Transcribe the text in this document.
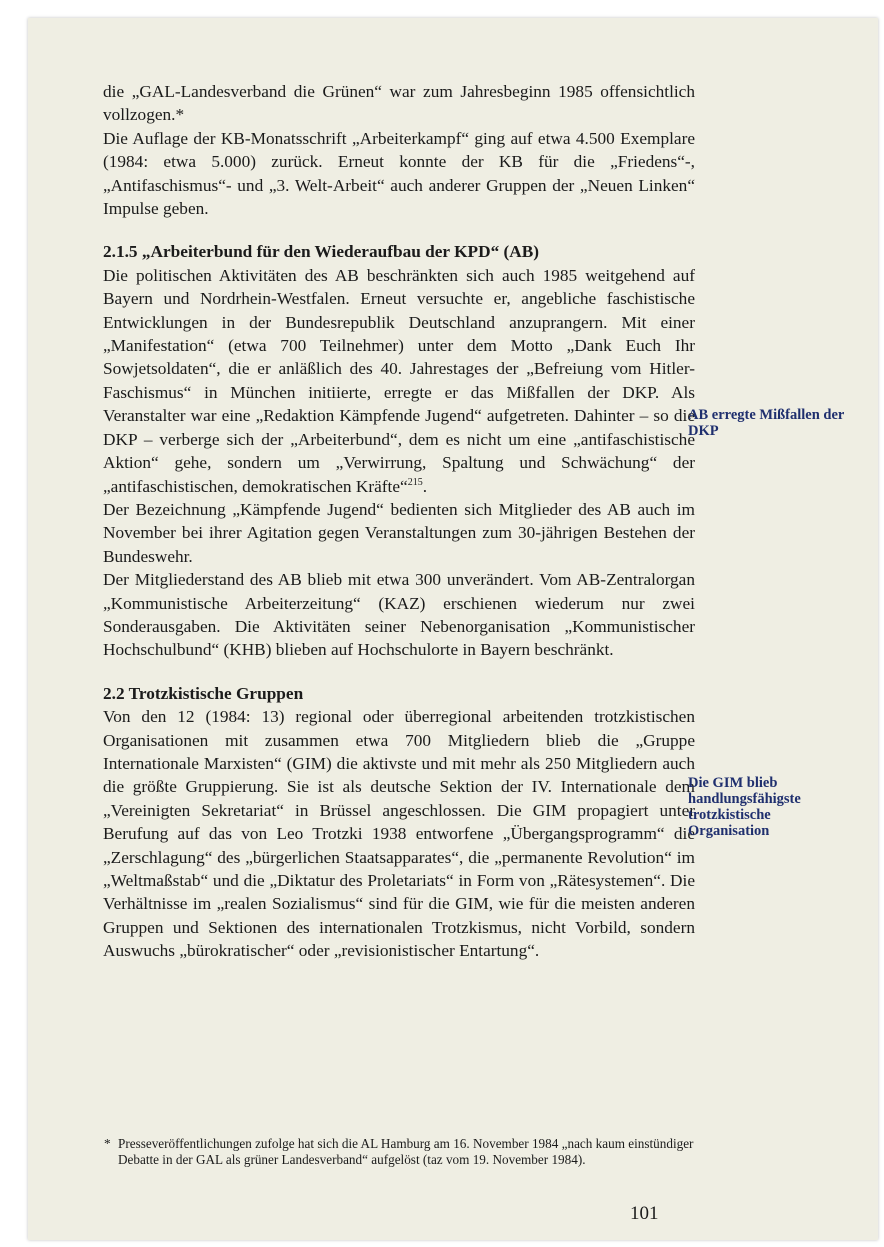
die „GAL-Landesverband die Grünen“ war zum Jahresbeginn 1985 offensichtlich vollzogen.*

Die Auflage der KB-Monatsschrift „Arbeiterkampf“ ging auf etwa 4.500 Exemplare (1984: etwa 5.000) zurück. Erneut konnte der KB für die „Friedens“-, „Antifaschismus“- und „3. Welt-Arbeit“ auch anderer Gruppen der „Neuen Linken“ Impulse geben.

2.1.5 „Arbeiterbund für den Wiederaufbau der KPD“ (AB)

Die politischen Aktivitäten des AB beschränkten sich auch 1985 weitgehend auf Bayern und Nordrhein-Westfalen. Erneut versuchte er, angebliche faschistische Entwicklungen in der Bundesrepublik Deutschland anzuprangern. Mit einer „Manifestation“ (etwa 700 Teilnehmer) unter dem Motto „Dank Euch Ihr Sowjetsoldaten“, die er anläßlich des 40. Jahrestages der „Befreiung vom Hitler-Faschismus“ in München initiierte, erregte er das Mißfallen der DKP. Als Veranstalter war eine „Redaktion Kämpfende Jugend“ aufgetreten. Dahinter – so die DKP – verberge sich der „Arbeiterbund“, dem es nicht um eine „antifaschistische Aktion“ gehe, sondern um „Verwirrung, Spaltung und Schwächung“ der „antifaschistischen, demokratischen Kräfte“$^{215}$.

Der Bezeichnung „Kämpfende Jugend“ bedienten sich Mitglieder des AB auch im November bei ihrer Agitation gegen Veranstaltungen zum 30-jährigen Bestehen der Bundeswehr.

Der Mitgliederstand des AB blieb mit etwa 300 unverändert. Vom AB-Zentralorgan „Kommunistische Arbeiterzeitung“ (KAZ) erschienen wiederum nur zwei Sonderausgaben. Die Aktivitäten seiner Nebenorganisation „Kommunistischer Hochschulbund“ (KHB) blieben auf Hochschulorte in Bayern beschränkt.

2.2 Trotzkistische Gruppen

Von den 12 (1984: 13) regional oder überregional arbeitenden trotzkistischen Organisationen mit zusammen etwa 700 Mitgliedern blieb die „Gruppe Internationale Marxisten“ (GIM) die aktivste und mit mehr als 250 Mitgliedern auch die größte Gruppierung. Sie ist als deutsche Sektion der IV. Internationale dem „Vereinigten Sekretariat“ in Brüssel angeschlossen. Die GIM propagiert unter Berufung auf das von Leo Trotzki 1938 entworfene „Übergangsprogramm“ die „Zerschlagung“ des „bürgerlichen Staatsapparates“, die „permanente Revolution“ im „Weltmaßstab“ und die „Diktatur des Proletariats“ in Form von „Rätesystemen“. Die Verhältnisse im „realen Sozialismus“ sind für die GIM, wie für die meisten anderen Gruppen und Sektionen des internationalen Trotzkismus, nicht Vorbild, sondern Auswuchs „bürokratischer“ oder „revisionistischer Entartung“.

AB erregte Mißfallen der DKP
Die GIM blieb handlungsfähigste trotzkistische Organisation
* Presseveröffentlichungen zufolge hat sich die AL Hamburg am 16. November 1984 „nach kaum einstündiger Debatte in der GAL als grüner Landesverband“ aufgelöst (taz vom 19. November 1984).
101
